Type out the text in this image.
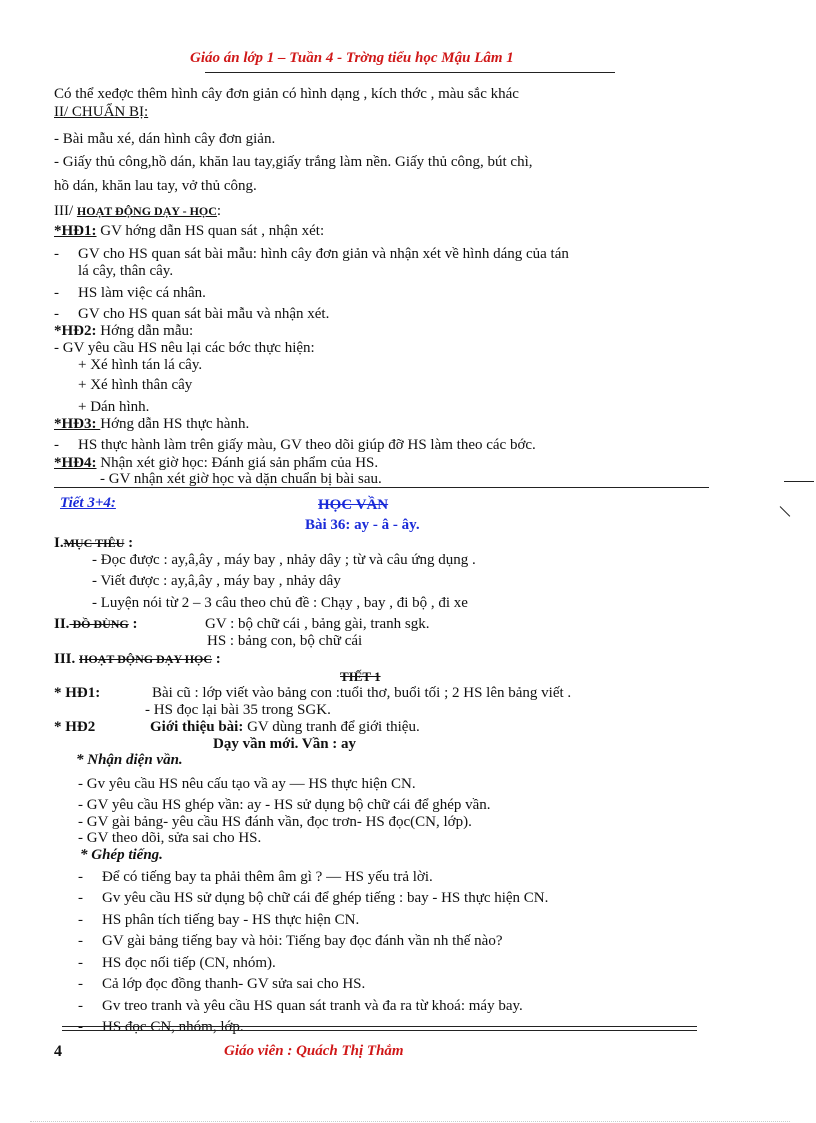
Giáo án lớp 1 – Tuần 4 - Trờng tiểu học Mậu Lâm 1
Có thể xeđợc thêm hình cây đơn giản có hình dạng , kích thớc , màu sắc khác
II/ CHUẨN BỊ:
- Bài mẫu xé, dán hình cây đơn giản.
- Giấy thủ công,hồ dán, khăn lau tay,giấy trắng làm nền. Giấy thủ công, bút chì,
hồ dán, khăn lau tay, vở thủ công.
III/ HOẠT ĐỘNG DẠY - HỌC:
*HĐ1: GV hớng dẫn HS quan sát , nhận xét:
- GV cho HS quan sát bài mẫu: hình cây đơn giản và nhận xét về hình dáng của tán
lá cây, thân cây.
- HS làm việc cá nhân.
- GV cho HS quan sát bài mẫu và nhận xét.
*HĐ2: Hớng dẫn mẫu:
- GV yêu cầu HS nêu lại các bớc thực hiện:
+ Xé hình tán lá cây.
+ Xé hình thân cây
+ Dán hình.
*HĐ3: Hớng dẫn HS thực hành.
- HS thực hành làm trên giấy màu, GV theo dõi giúp đỡ HS làm theo các bớc.
*HĐ4: Nhận xét giờ học: Đánh giá sản phẩm của HS.
- GV nhận xét giờ học và dặn chuẩn bị bài sau.
Tiết 3+4:	HỌC VẦN
Bài 36: ay - â - ây.
I.MỤC TIÊU :
- Đọc được : ay,â,ây , máy bay , nhảy dây ; từ và câu ứng dụng .
- Viết được : ay,â,ây , máy bay , nhảy dây
- Luyện nói từ 2 – 3 câu theo chủ đề : Chạy , bay , đi bộ , đi xe
II. ĐỒ DÙNG :	GV : bộ chữ cái , bảng gài, tranh sgk.
HS : bảng con, bộ chữ cái
III. HOẠT ĐỘNG DẠY HỌC :
TIẾT 1
* HĐ1:	Bài cũ : lớp viết vào bảng con :tuổi thơ, buổi tối ; 2 HS lên bảng viết .
- HS đọc lại bài 35 trong SGK.
* HĐ2	Giới thiệu bài: GV dùng tranh để giới thiệu.
Dạy vần mới. Vần : ay
* Nhận diện vần.
- Gv yêu cầu HS nêu cấu tạo vầ ay — HS thực hiện CN.
- GV yêu cầu HS ghép vần: ay - HS sử dụng bộ chữ cái để ghép vần.
- GV gài bảng- yêu cầu HS đánh vần, đọc trơn- HS đọc(CN, lớp).
- GV theo dõi, sửa sai cho HS.
* Ghép tiếng.
- Để có tiếng bay ta phải thêm âm gì ? — HS yếu trả lời.
- Gv yêu cầu HS sử dụng bộ chữ cái để ghép tiếng : bay - HS thực hiện CN.
- HS phân tích tiếng bay - HS thực hiện CN.
- GV gài bảng tiếng bay và hỏi: Tiếng bay đọc đánh vần nh thế nào?
- HS đọc nối tiếp (CN, nhóm).
- Cả lớp đọc đồng thanh- GV sửa sai cho HS.
- Gv treo tranh và yêu cầu HS quan sát tranh và đa ra từ khoá: máy bay.
- HS đọc CN, nhóm, lớp.
4	Giáo viên : Quách Thị Thắm
